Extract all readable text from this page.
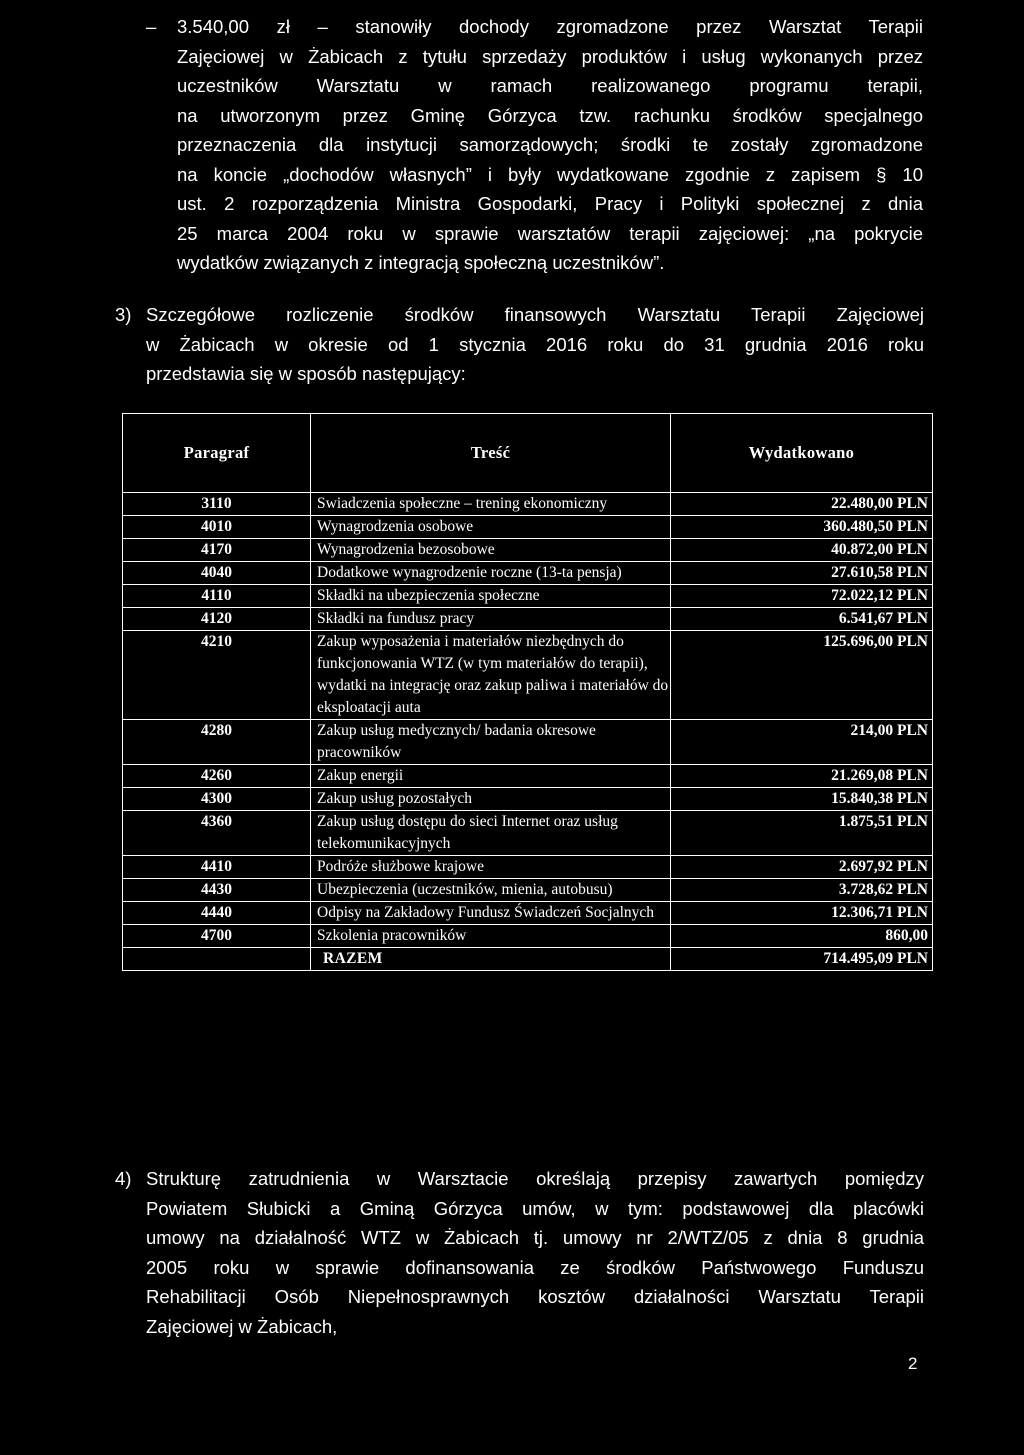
–	3.540,00 zł – stanowiły dochody zgromadzone przez Warsztat Terapii
Zajęciowej w Żabicach z tytułu sprzedaży produktów i usług wykonanych przez
uczestników Warsztatu w ramach realizowanego programu terapii,
na utworzonym przez Gminę Górzyca tzw. rachunku środków specjalnego
przeznaczenia dla instytucji samorządowych; środki te zostały zgromadzone
na koncie „dochodów własnych” i były wydatkowane zgodnie z zapisem § 10
ust. 2 rozporządzenia Ministra Gospodarki, Pracy i Polityki społecznej z dnia
25 marca 2004 roku w sprawie warsztatów terapii zajęciowej: „na pokrycie
wydatków związanych z integracją społeczną uczestników”.
3) Szczegółowe rozliczenie środków finansowych Warsztatu Terapii Zajęciowej
w Żabicach w okresie od 1 stycznia 2016 roku do 31 grudnia 2016 roku
przedstawia się w sposób następujący:
Paragraf	Treść	Wydatkowano
3110	Swiadczenia społeczne – trening ekonomiczny	22.480,00 PLN
4010	Wynagrodzenia osobowe	360.480,50 PLN
4170	Wynagrodzenia bezosobowe	40.872,00 PLN
4040	Dodatkowe wynagrodzenie roczne (13-ta pensja)	27.610,58 PLN
4110	Składki na ubezpieczenia społeczne	72.022,12 PLN
4120	Składki na fundusz pracy	6.541,67 PLN
4210	Zakup wyposażenia i materiałów niezbędnych do funkcjonowania WTZ (w tym materiałów do terapii), wydatki na integrację oraz zakup paliwa i materiałów do eksploatacji auta	125.696,00 PLN
4280	Zakup usług medycznych/ badania okresowe pracowników	214,00 PLN
4260	Zakup energii	21.269,08 PLN
4300	Zakup usług pozostałych	15.840,38 PLN
4360	Zakup usług dostępu do sieci Internet oraz usług telekomunikacyjnych	1.875,51 PLN
4410	Podróże służbowe krajowe	2.697,92 PLN
4430	Ubezpieczenia (uczestników, mienia, autobusu)	3.728,62 PLN
4440	Odpisy na Zakładowy Fundusz Świadczeń Socjalnych	12.306,71 PLN
4700	Szkolenia pracowników	860,00
	RAZEM	714.495,09 PLN
4) Strukturę zatrudnienia w Warsztacie określają przepisy zawartych pomiędzy
Powiatem Słubicki a Gminą Górzyca umów, w tym: podstawowej dla placówki
umowy na działalność WTZ w Żabicach tj. umowy nr 2/WTZ/05 z dnia 8 grudnia
2005 roku w sprawie dofinansowania ze środków Państwowego Funduszu
Rehabilitacji Osób Niepełnosprawnych kosztów działalności Warsztatu Terapii
Zajęciowej w Żabicach,
2
